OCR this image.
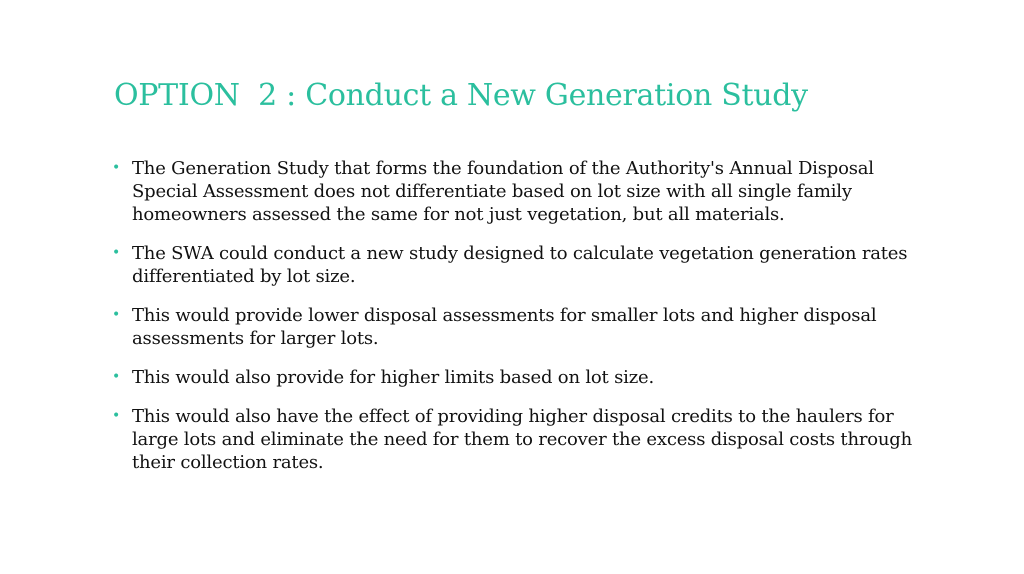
OPTION  2 : Conduct a New Generation Study
• The Generation Study that forms the foundation of the Authority's Annual Disposal Special Assessment does not differentiate based on lot size with all single family homeowners assessed the same for not just vegetation, but all materials.
• The SWA could conduct a new study designed to calculate vegetation generation rates differentiated by lot size.
• This would provide lower disposal assessments for smaller lots and higher disposal assessments for larger lots.
• This would also provide for higher limits based on lot size.
• This would also have the effect of providing higher disposal credits to the haulers for large lots and eliminate the need for them to recover the excess disposal costs through their collection rates.
